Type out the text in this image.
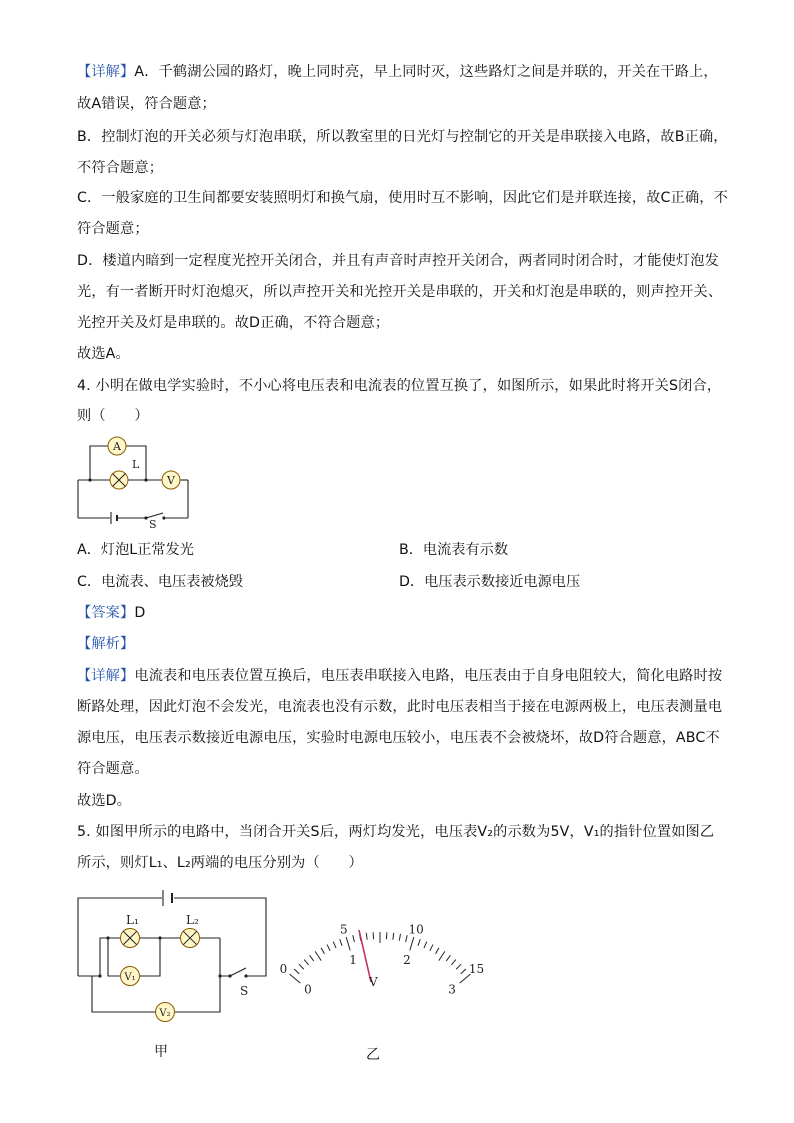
【详解】A．千鹤湖公园的路灯，晚上同时亮，早上同时灭，这些路灯之间是并联的，开关在干路上，
故A错误，符合题意；
B．控制灯泡的开关必须与灯泡串联，所以教室里的日光灯与控制它的开关是串联接入电路，故B正确，
不符合题意；
C．一般家庭的卫生间都要安装照明灯和换气扇，使用时互不影响，因此它们是并联连接，故C正确，不
符合题意；
D．楼道内暗到一定程度光控开关闭合，并且有声音时声控开关闭合，两者同时闭合时，才能使灯泡发
光，有一者断开时灯泡熄灭，所以声控开关和光控开关是串联的，开关和灯泡是串联的，则声控开关、
光控开关及灯是串联的。故D正确，不符合题意；
故选A。
4. 小明在做电学实验时，不小心将电压表和电流表的位置互换了，如图所示，如果此时将开关S闭合，
则（　　）
A
L
V
S
A．灯泡L正常发光	B．电流表有示数
C．电流表、电压表被烧毁	D．电压表示数接近电源电压
【答案】D
【解析】
【详解】电流表和电压表位置互换后，电压表串联接入电路，电压表由于自身电阻较大，简化电路时按
断路处理，因此灯泡不会发光，电流表也没有示数，此时电压表相当于接在电源两极上，电压表测量电
源电压，电压表示数接近电源电压，实验时电源电压较小，电压表不会被烧坏，故D符合题意，ABC不
符合题意。
故选D。
5. 如图甲所示的电路中，当闭合开关S后，两灯均发光，电压表V₂的示数为5V，V₁的指针位置如图乙
所示，则灯L₁、L₂两端的电压分别为（　　）
L₁	L₂
V₁
V₂
S
甲
0
5	10
15
0
1	2
3
V
乙
